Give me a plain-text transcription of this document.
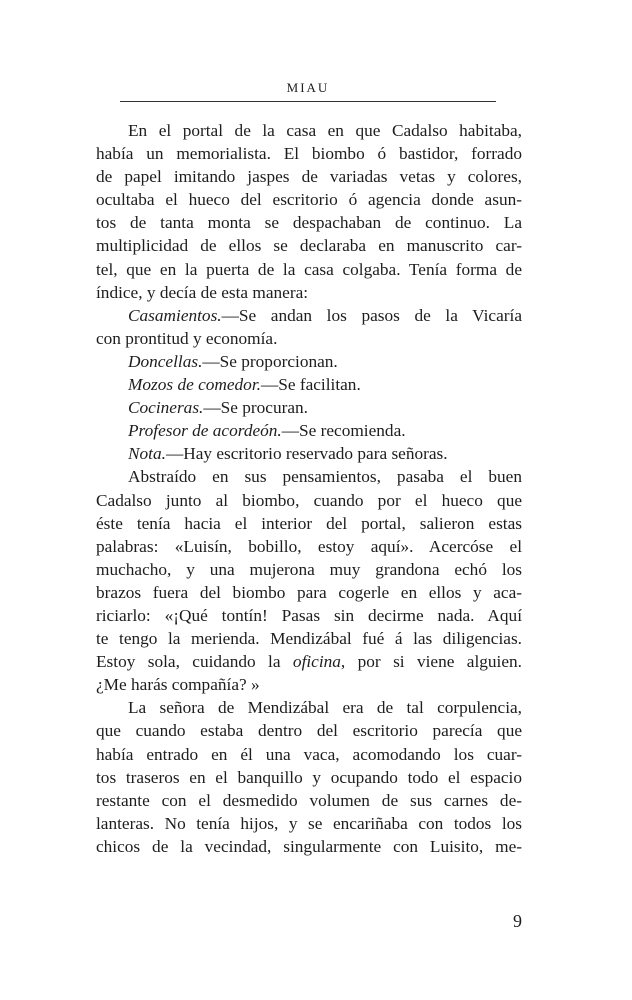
MIAU
En el portal de la casa en que Cadalso habitaba,
había un memorialista. El biombo ó bastidor, forrado
de papel imitando jaspes de variadas vetas y colores,
ocultaba el hueco del escritorio ó agencia donde asun-
tos de tanta monta se despachaban de continuo. La
multiplicidad de ellos se declaraba en manuscrito car-
tel, que en la puerta de la casa colgaba. Tenía forma de
índice, y decía de esta manera:
Casamientos.—Se andan los pasos de la Vicaría
con prontitud y economía.
Doncellas.—Se proporcionan.
Mozos de comedor.—Se facilitan.
Cocineras.—Se procuran.
Profesor de acordeón.—Se recomienda.
Nota.—Hay escritorio reservado para señoras.
Abstraído en sus pensamientos, pasaba el buen
Cadalso junto al biombo, cuando por el hueco que
éste tenía hacia el interior del portal, salieron estas
palabras: «Luisín, bobillo, estoy aquí». Acercóse el
muchacho, y una mujerona muy grandona echó los
brazos fuera del biombo para cogerle en ellos y aca-
riciarlo: «¡Qué tontín! Pasas sin decirme nada. Aquí
te tengo la merienda. Mendizábal fué á las diligencias.
Estoy sola, cuidando la oficina, por si viene alguien.
¿Me harás compañía? »
La señora de Mendizábal era de tal corpulencia,
que cuando estaba dentro del escritorio parecía que
había entrado en él una vaca, acomodando los cuar-
tos traseros en el banquillo y ocupando todo el espacio
restante con el desmedido volumen de sus carnes de-
lanteras. No tenía hijos, y se encariñaba con todos los
chicos de la vecindad, singularmente con Luisito, me-
9
